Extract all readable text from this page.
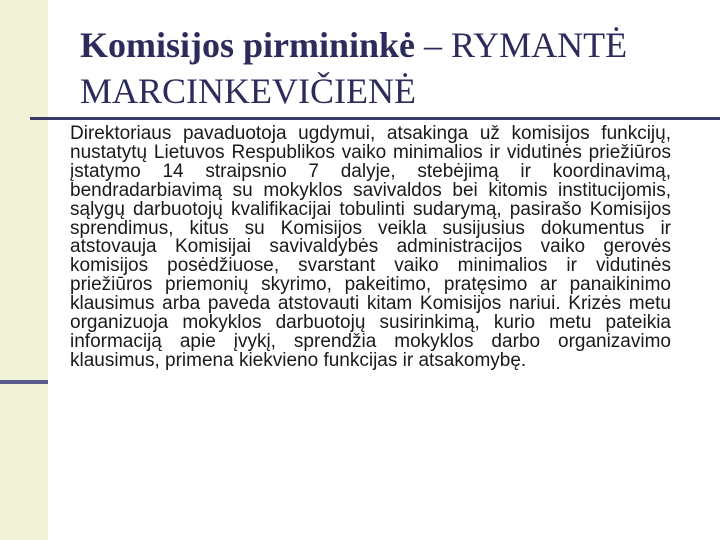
Komisijos pirmininkė – RYMANTĖ MARCINKEVIČIENĖ

Direktoriaus pavaduotoja ugdymui, atsakinga už komisijos funkcijų, nustatytų Lietuvos Respublikos vaiko minimalios ir vidutinės priežiūros įstatymo 14 straipsnio 7 dalyje, stebėjimą ir koordinavimą, bendradarbiavimą su mokyklos savivaldos bei kitomis institucijomis, sąlygų darbuotojų kvalifikacijai tobulinti sudarymą, pasirašo Komisijos sprendimus, kitus su Komisijos veikla susijusius dokumentus ir atstovauja Komisijai savivaldybės administracijos vaiko gerovės komisijos posėdžiuose, svarstant vaiko minimalios ir vidutinės priežiūros priemonių skyrimo, pakeitimo, pratęsimo ar panaikinimo klausimus arba paveda atstovauti kitam Komisijos nariui. Krizės metu organizuoja mokyklos darbuotojų susirinkimą, kurio metu pateikia informaciją apie įvykį, sprendžia mokyklos darbo organizavimo klausimus, primena kiekvieno funkcijas ir atsakomybę.
